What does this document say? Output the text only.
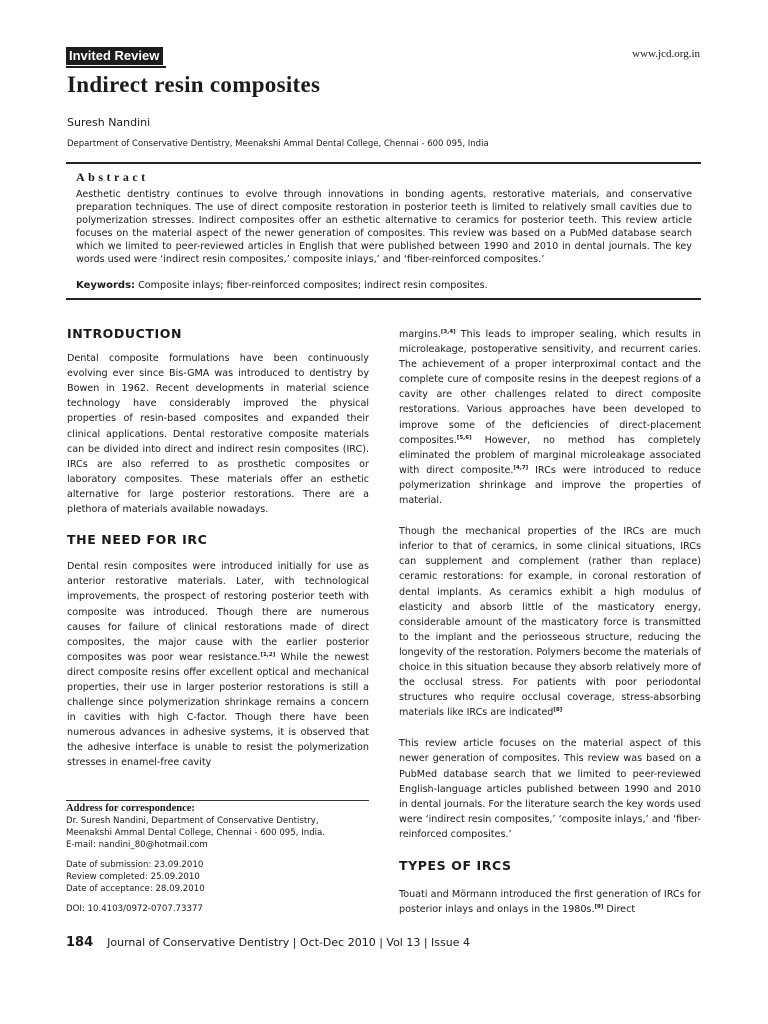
Invited Review	www.jcd.org.in
Indirect resin composites
Suresh Nandini
Department of Conservative Dentistry, Meenakshi Ammal Dental College, Chennai - 600 095, India
Abstract
Aesthetic dentistry continues to evolve through innovations in bonding agents, restorative materials, and conservative preparation techniques. The use of direct composite restoration in posterior teeth is limited to relatively small cavities due to polymerization stresses. Indirect composites offer an esthetic alternative to ceramics for posterior teeth. This review article focuses on the material aspect of the newer generation of composites. This review was based on a PubMed database search which we limited to peer-reviewed articles in English that were published between 1990 and 2010 in dental journals. The key words used were ‘indirect resin composites,’ composite inlays,’ and ‘fiber-reinforced composites.’
Keywords: Composite inlays; fiber-reinforced composites; indirect resin composites.
INTRODUCTION

Dental composite formulations have been continuously evolving ever since Bis-GMA was introduced to dentistry by Bowen in 1962. Recent developments in material science technology have considerably improved the physical properties of resin-based composites and expanded their clinical applications. Dental restorative composite materials can be divided into direct and indirect resin composites (IRC). IRCs are also referred to as prosthetic composites or laboratory composites. These materials offer an esthetic alternative for large posterior restorations. There are a plethora of materials available nowadays.

THE NEED FOR IRC

Dental resin composites were introduced initially for use as anterior restorative materials. Later, with technological improvements, the prospect of restoring posterior teeth with composite was introduced. Though there are numerous causes for failure of clinical restorations made of direct composites, the major cause with the earlier posterior composites was poor wear resistance.[1,2] While the newest direct composite resins offer excellent optical and mechanical properties, their use in larger posterior restorations is still a challenge since polymerization shrinkage remains a concern in cavities with high C-factor. Though there have been numerous advances in adhesive systems, it is observed that the adhesive interface is unable to resist the polymerization stresses in enamel-free cavity

Address for correspondence:
Dr. Suresh Nandini, Department of Conservative Dentistry,
Meenakshi Ammal Dental College, Chennai - 600 095, India.
E-mail: nandini_80@hotmail.com
Date of submission: 23.09.2010
Review completed: 25.09.2010
Date of acceptance: 28.09.2010
DOI: 10.4103/0972-0707.73377

margins.[3,4] This leads to improper sealing, which results in microleakage, postoperative sensitivity, and recurrent caries. The achievement of a proper interproximal contact and the complete cure of composite resins in the deepest regions of a cavity are other challenges related to direct composite restorations. Various approaches have been developed to improve some of the deficiencies of direct-placement composites.[5,6] However, no method has completely eliminated the problem of marginal microleakage associated with direct composite.[4,7] IRCs were introduced to reduce polymerization shrinkage and improve the properties of material.

Though the mechanical properties of the IRCs are much inferior to that of ceramics, in some clinical situations, IRCs can supplement and complement (rather than replace) ceramic restorations: for example, in coronal restoration of dental implants. As ceramics exhibit a high modulus of elasticity and absorb little of the masticatory energy, considerable amount of the masticatory force is transmitted to the implant and the periosseous structure, reducing the longevity of the restoration. Polymers become the materials of choice in this situation because they absorb relatively more of the occlusal stress. For patients with poor periodontal structures who require occlusal coverage, stress-absorbing materials like IRCs are indicated[8]

This review article focuses on the material aspect of this newer generation of composites. This review was based on a PubMed database search that we limited to peer-reviewed English-language articles published between 1990 and 2010 in dental journals. For the literature search the key words used were ‘indirect resin composites,’ ‘composite inlays,’ and ‘fiber-reinforced composites.’

TYPES OF IRCS

Touati and Mörmann introduced the first generation of IRCs for posterior inlays and onlays in the 1980s.[9] Direct

184 Journal of Conservative Dentistry | Oct-Dec 2010 | Vol 13 | Issue 4
